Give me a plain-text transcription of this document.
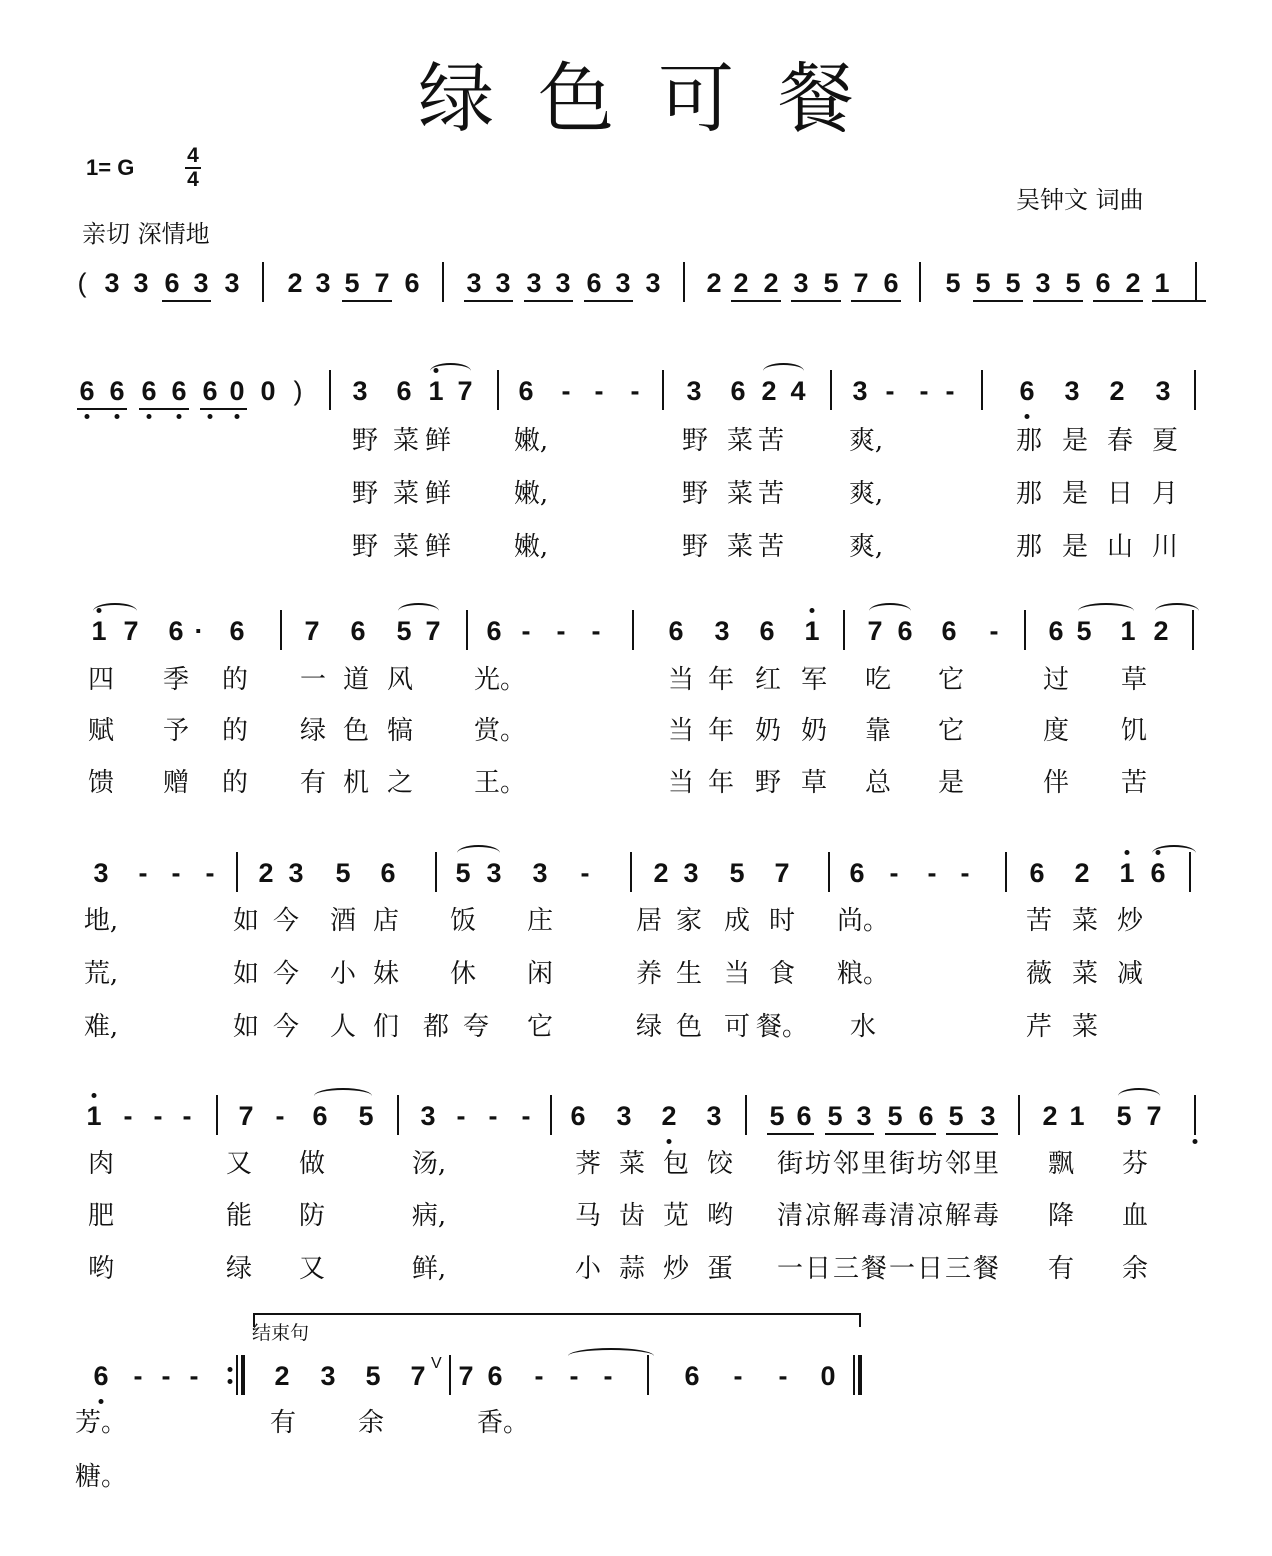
绿色可餐
1= G	4
4
吴钟文 词曲
亲切 深情地
( 3 3 6 3 3 2 3 5 7 6 3 3 3 3 6 3 3 2 2 2 3 5 7 6 5 5 5 3 5 6 2 1
6 6 6 6 6 0 0 ) 3 6 1 7 6 - - - 3 6 2 4 3 - - - 6 3 2 3
野 菜 鲜 嫩,	野 菜 苦 爽,	那 是 春 夏
野 菜 鲜 嫩,	野 菜 苦 爽,	那 是 日 月
野 菜 鲜 嫩,	野 菜 苦 爽,	那 是 山 川
1 7 6 · 6 7 6 5 7 6 - - -	6 3 6 1 7 6 6 - 6 5 1 2
四 季 的 一 道 风 光。	当 年 红 军 吃 它	过 草
赋 予 的 绿 色 犒 赏。	当 年 奶 奶 靠 它	度 饥
馈 赠 的 有 机 之 王。	当 年 野 草 总 是	伴 苦
3 - - - 2 3 5 6 5 3 3 - 2 3 5 7 6 - - - 6 2 1 6
地,	如今 酒 店 饭 庄	居家 成 时 尚。	苦 菜 炒
荒,	如今 小 妹 休 闲	养生 当 食 粮。	薇 菜 减
难,	如今 人 们 都夸 它	绿色 可 餐。 水	芹 菜
1 - - - 7 - 6 5 3 - - - 6 3 2 3 5 6 5 3 5 6 5 3 2 1 5 7
肉	又 做	汤,	荠 菜 包 饺 街坊邻里街坊邻里 飘 芬
肥	能 防	病,	马 齿 苋 哟 清凉解毒清凉解毒 降 血
哟	绿 又	鲜,	小 蒜 炒 蛋 一日三餐一日三餐 有 余
6 - - -	2 3 5 7 V 7 6 - - -	6 - - 0
芳。	有 余	香。
糖。
结束句
